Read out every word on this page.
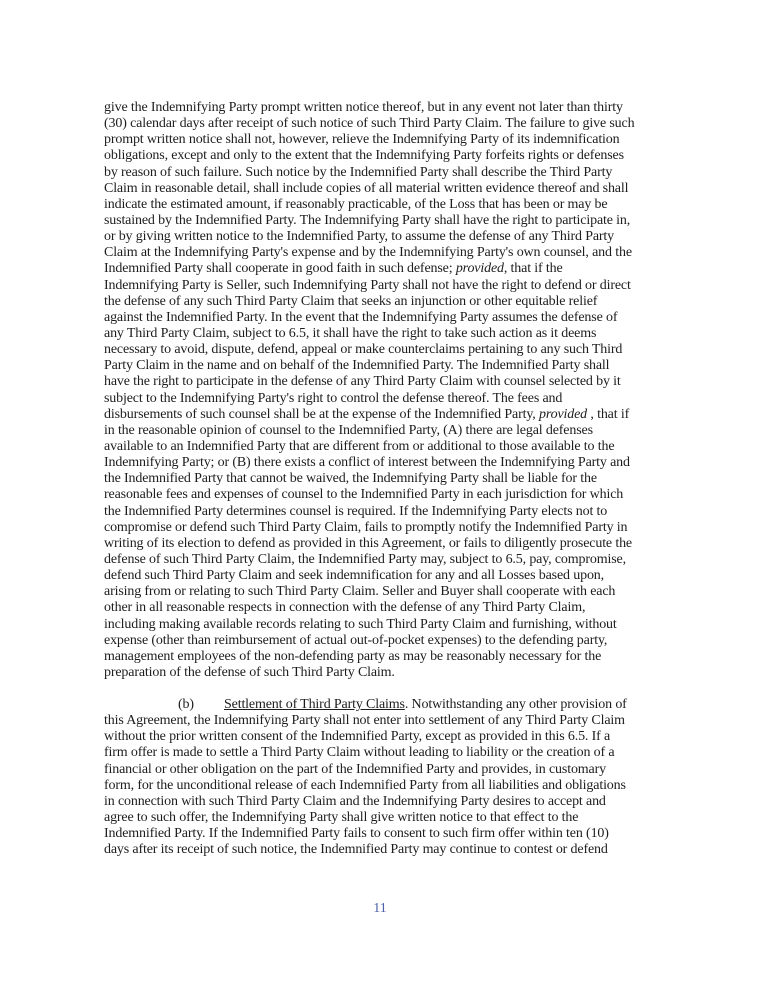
give the Indemnifying Party prompt written notice thereof, but in any event not later than thirty
(30) calendar days after receipt of such notice of such Third Party Claim. The failure to give such
prompt written notice shall not, however, relieve the Indemnifying Party of its indemnification
obligations, except and only to the extent that the Indemnifying Party forfeits rights or defenses
by reason of such failure. Such notice by the Indemnified Party shall describe the Third Party
Claim in reasonable detail, shall include copies of all material written evidence thereof and shall
indicate the estimated amount, if reasonably practicable, of the Loss that has been or may be
sustained by the Indemnified Party. The Indemnifying Party shall have the right to participate in,
or by giving written notice to the Indemnified Party, to assume the defense of any Third Party
Claim at the Indemnifying Party's expense and by the Indemnifying Party's own counsel, and the
Indemnified Party shall cooperate in good faith in such defense; provided, that if the
Indemnifying Party is Seller, such Indemnifying Party shall not have the right to defend or direct
the defense of any such Third Party Claim that seeks an injunction or other equitable relief
against the Indemnified Party. In the event that the Indemnifying Party assumes the defense of
any Third Party Claim, subject to 6.5, it shall have the right to take such action as it deems
necessary to avoid, dispute, defend, appeal or make counterclaims pertaining to any such Third
Party Claim in the name and on behalf of the Indemnified Party. The Indemnified Party shall
have the right to participate in the defense of any Third Party Claim with counsel selected by it
subject to the Indemnifying Party's right to control the defense thereof. The fees and
disbursements of such counsel shall be at the expense of the Indemnified Party, provided , that if
in the reasonable opinion of counsel to the Indemnified Party, (A) there are legal defenses
available to an Indemnified Party that are different from or additional to those available to the
Indemnifying Party; or (B) there exists a conflict of interest between the Indemnifying Party and
the Indemnified Party that cannot be waived, the Indemnifying Party shall be liable for the
reasonable fees and expenses of counsel to the Indemnified Party in each jurisdiction for which
the Indemnified Party determines counsel is required. If the Indemnifying Party elects not to
compromise or defend such Third Party Claim, fails to promptly notify the Indemnified Party in
writing of its election to defend as provided in this Agreement, or fails to diligently prosecute the
defense of such Third Party Claim, the Indemnified Party may, subject to 6.5, pay, compromise,
defend such Third Party Claim and seek indemnification for any and all Losses based upon,
arising from or relating to such Third Party Claim. Seller and Buyer shall cooperate with each
other in all reasonable respects in connection with the defense of any Third Party Claim,
including making available records relating to such Third Party Claim and furnishing, without
expense (other than reimbursement of actual out-of-pocket expenses) to the defending party,
management employees of the non-defending party as may be reasonably necessary for the
preparation of the defense of such Third Party Claim.
(b) Settlement of Third Party Claims. Notwithstanding any other provision of
this Agreement, the Indemnifying Party shall not enter into settlement of any Third Party Claim
without the prior written consent of the Indemnified Party, except as provided in this 6.5. If a
firm offer is made to settle a Third Party Claim without leading to liability or the creation of a
financial or other obligation on the part of the Indemnified Party and provides, in customary
form, for the unconditional release of each Indemnified Party from all liabilities and obligations
in connection with such Third Party Claim and the Indemnifying Party desires to accept and
agree to such offer, the Indemnifying Party shall give written notice to that effect to the
Indemnified Party. If the Indemnified Party fails to consent to such firm offer within ten (10)
days after its receipt of such notice, the Indemnified Party may continue to contest or defend
11
